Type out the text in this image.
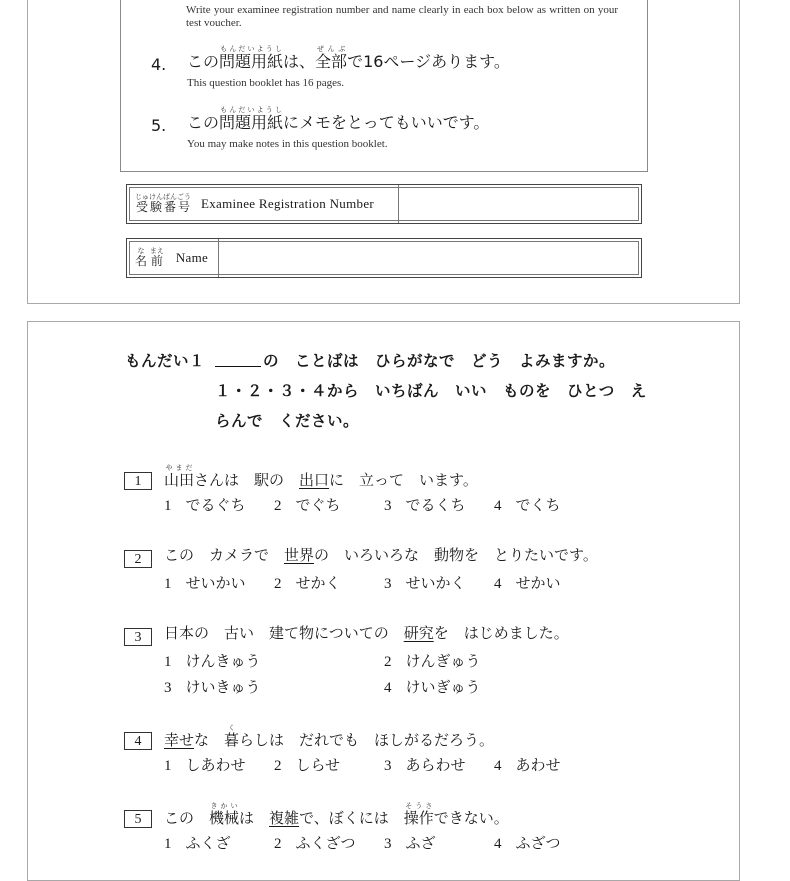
Write your examinee registration number and name clearly in each box below as written on your test voucher.
4.	この問題用紙もんだいようしは、全部ぜんぶで16ページあります。
This question booklet has 16 pages.
5.	この問題用紙もんだいようしにメモをとってもいいです。
You may make notes in this question booklet.
受験番号じゅけんばんごう Examinee Registration Number
名な 前まえ Name
もんだい１	の　ことばは　ひらがなで　どう　よみますか。
１・２・３・４から　いちばん　いい　ものを　ひとつ　え
らんで　ください。
1	山田やまださんは　駅の　出口に　立って　います。
1 でるぐち 2 でぐち	3 でるくち 4 でくち
2	この　カメラで　世界の　いろいろな　動物を　とりたいです。
1 せいかい 2 せかく	3 せいかく 4 せかい
3	日本の　古い　建て物についての　研究を　はじめました。
1 けんきゅう	2 けんぎゅう
3 けいきゅう	4 けいぎゅう
4	幸せな　暮くらしは　だれでも　ほしがるだろう。
1 しあわせ 2 しらせ	3 あらわせ 4 あわせ
5	この　機械きかいは　複雑で、ぼくには　操作そうさできない。
1 ふくざ	2 ふくざつ 3 ふざ	4 ふざつ
